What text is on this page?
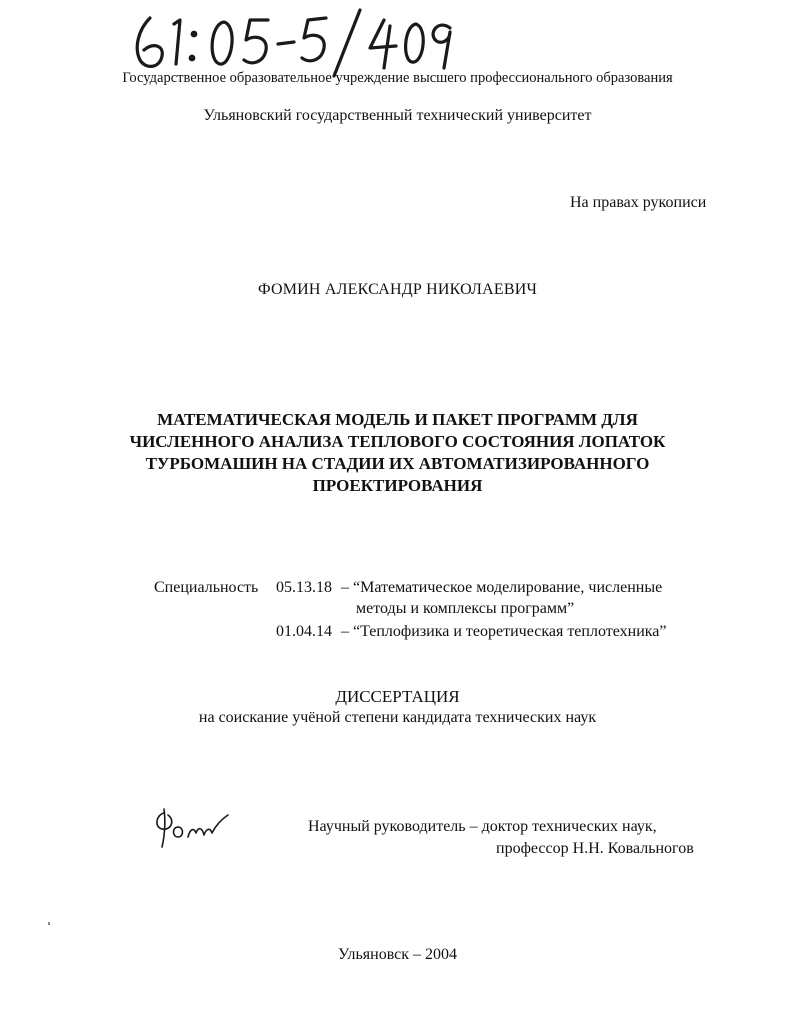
Государственное образовательное учреждение высшего профессионального образования
Ульяновский государственный технический университет
На правах рукописи
ФОМИН АЛЕКСАНДР НИКОЛАЕВИЧ
МАТЕМАТИЧЕСКАЯ МОДЕЛЬ И ПАКЕТ ПРОГРАММ ДЛЯ
ЧИСЛЕННОГО АНАЛИЗА ТЕПЛОВОГО СОСТОЯНИЯ ЛОПАТОК
ТУРБОМАШИН НА СТАДИИ ИХ АВТОМАТИЗИРОВАННОГО
ПРОЕКТИРОВАНИЯ
Специальность 05.13.18 – “Математическое моделирование, численные
методы и комплексы программ”
01.04.14 – “Теплофизика и теоретическая теплотехника”
ДИССЕРТАЦИЯ
на соискание учёной степени кандидата технических наук
Научный руководитель – доктор технических наук,
профессор Н.Н. Ковальногов
Ульяновск – 2004
